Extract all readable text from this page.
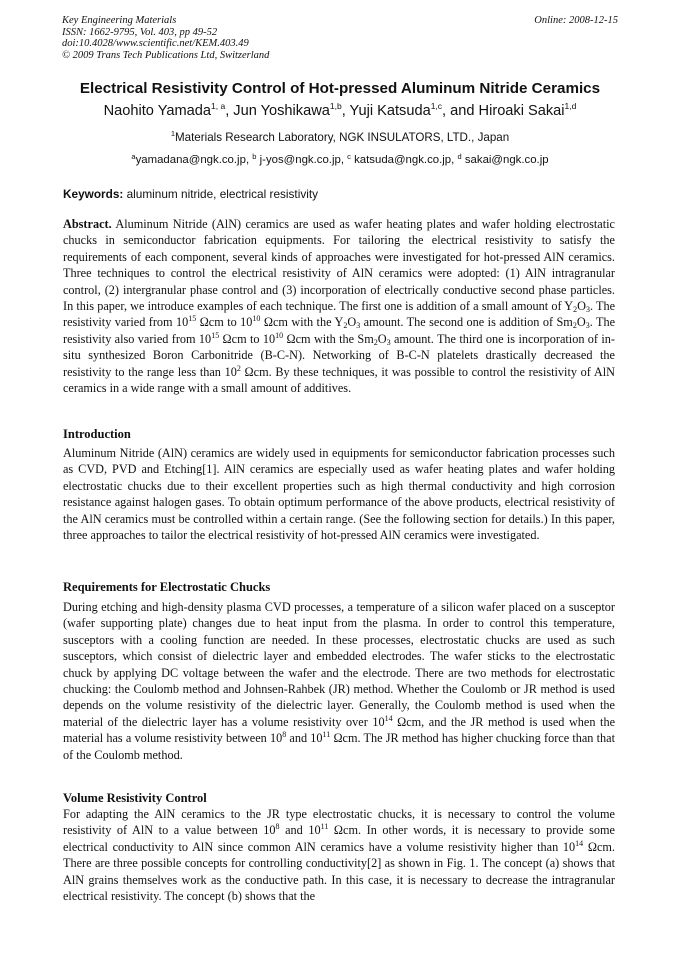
Key Engineering Materials
ISSN: 1662-9795, Vol. 403, pp 49-52
doi:10.4028/www.scientific.net/KEM.403.49
© 2009 Trans Tech Publications Ltd, Switzerland
Online: 2008-12-15
Electrical Resistivity Control of Hot-pressed Aluminum Nitride Ceramics
Naohito Yamada$^{1, a}$, Jun Yoshikawa$^{1,b}$, Yuji Katsuda$^{1,c}$, and Hiroaki Sakai$^{1,d}$
$^1$Materials Research Laboratory, NGK INSULATORS, LTD., Japan
$^a$yamadana@ngk.co.jp, $^b$ j-yos@ngk.co.jp, $^c$ katsuda@ngk.co.jp, $^d$ sakai@ngk.co.jp
Keywords: aluminum nitride, electrical resistivity
Abstract. Aluminum Nitride (AlN) ceramics are used as wafer heating plates and wafer holding electrostatic chucks in semiconductor fabrication equipments. For tailoring the electrical resistivity to satisfy the requirements of each component, several kinds of approaches were investigated for hot-pressed AlN ceramics. Three techniques to control the electrical resistivity of AlN ceramics were adopted: (1) AlN intragranular control, (2) intergranular phase control and (3) incorporation of electrically conductive second phase particles. In this paper, we introduce examples of each technique. The first one is addition of a small amount of $Y_2O_3$. The resistivity varied from $10^{15}$ Ωcm to $10^{10}$ Ωcm with the $Y_2O_3$ amount. The second one is addition of $Sm_2O_3$. The resistivity also varied from $10^{15}$ Ωcm to $10^{10}$ Ωcm with the $Sm_2O_3$ amount. The third one is incorporation of in-situ synthesized Boron Carbonitride (B-C-N). Networking of B-C-N platelets drastically decreased the resistivity to the range less than $10^2$ Ωcm. By these techniques, it was possible to control the resistivity of AlN ceramics in a wide range with a small amount of additives.
Introduction
Aluminum Nitride (AlN) ceramics are widely used in equipments for semiconductor fabrication processes such as CVD, PVD and Etching[1]. AlN ceramics are especially used as wafer heating plates and wafer holding electrostatic chucks due to their excellent properties such as high thermal conductivity and high corrosion resistance against halogen gases. To obtain optimum performance of the above products, electrical resistivity of the AlN ceramics must be controlled within a certain range. (See the following section for details.) In this paper, three approaches to tailor the electrical resistivity of hot-pressed AlN ceramics were investigated.
Requirements for Electrostatic Chucks
During etching and high-density plasma CVD processes, a temperature of a silicon wafer placed on a susceptor (wafer supporting plate) changes due to heat input from the plasma. In order to control this temperature, susceptors with a cooling function are needed. In these processes, electrostatic chucks are used as such susceptors, which consist of dielectric layer and embedded electrodes. The wafer sticks to the electrostatic chuck by applying DC voltage between the wafer and the electrode. There are two methods for electrostatic chucking: the Coulomb method and Johnsen-Rahbek (JR) method. Whether the Coulomb or JR method is used depends on the volume resistivity of the dielectric layer. Generally, the Coulomb method is used when the material of the dielectric layer has a volume resistivity over $10^{14}$ Ωcm, and the JR method is used when the material has a volume resistivity between $10^8$ and $10^{11}$ Ωcm. The JR method has higher chucking force than that of the Coulomb method.
Volume Resistivity Control
For adapting the AlN ceramics to the JR type electrostatic chucks, it is necessary to control the volume resistivity of AlN to a value between $10^8$ and $10^{11}$ Ωcm. In other words, it is necessary to provide some electrical conductivity to AlN since common AlN ceramics have a volume resistivity higher than $10^{14}$ Ωcm. There are three possible concepts for controlling conductivity[2] as shown in Fig. 1. The concept (a) shows that AlN grains themselves work as the conductive path. In this case, it is necessary to decrease the intragranular electrical resistivity. The concept (b) shows that the
